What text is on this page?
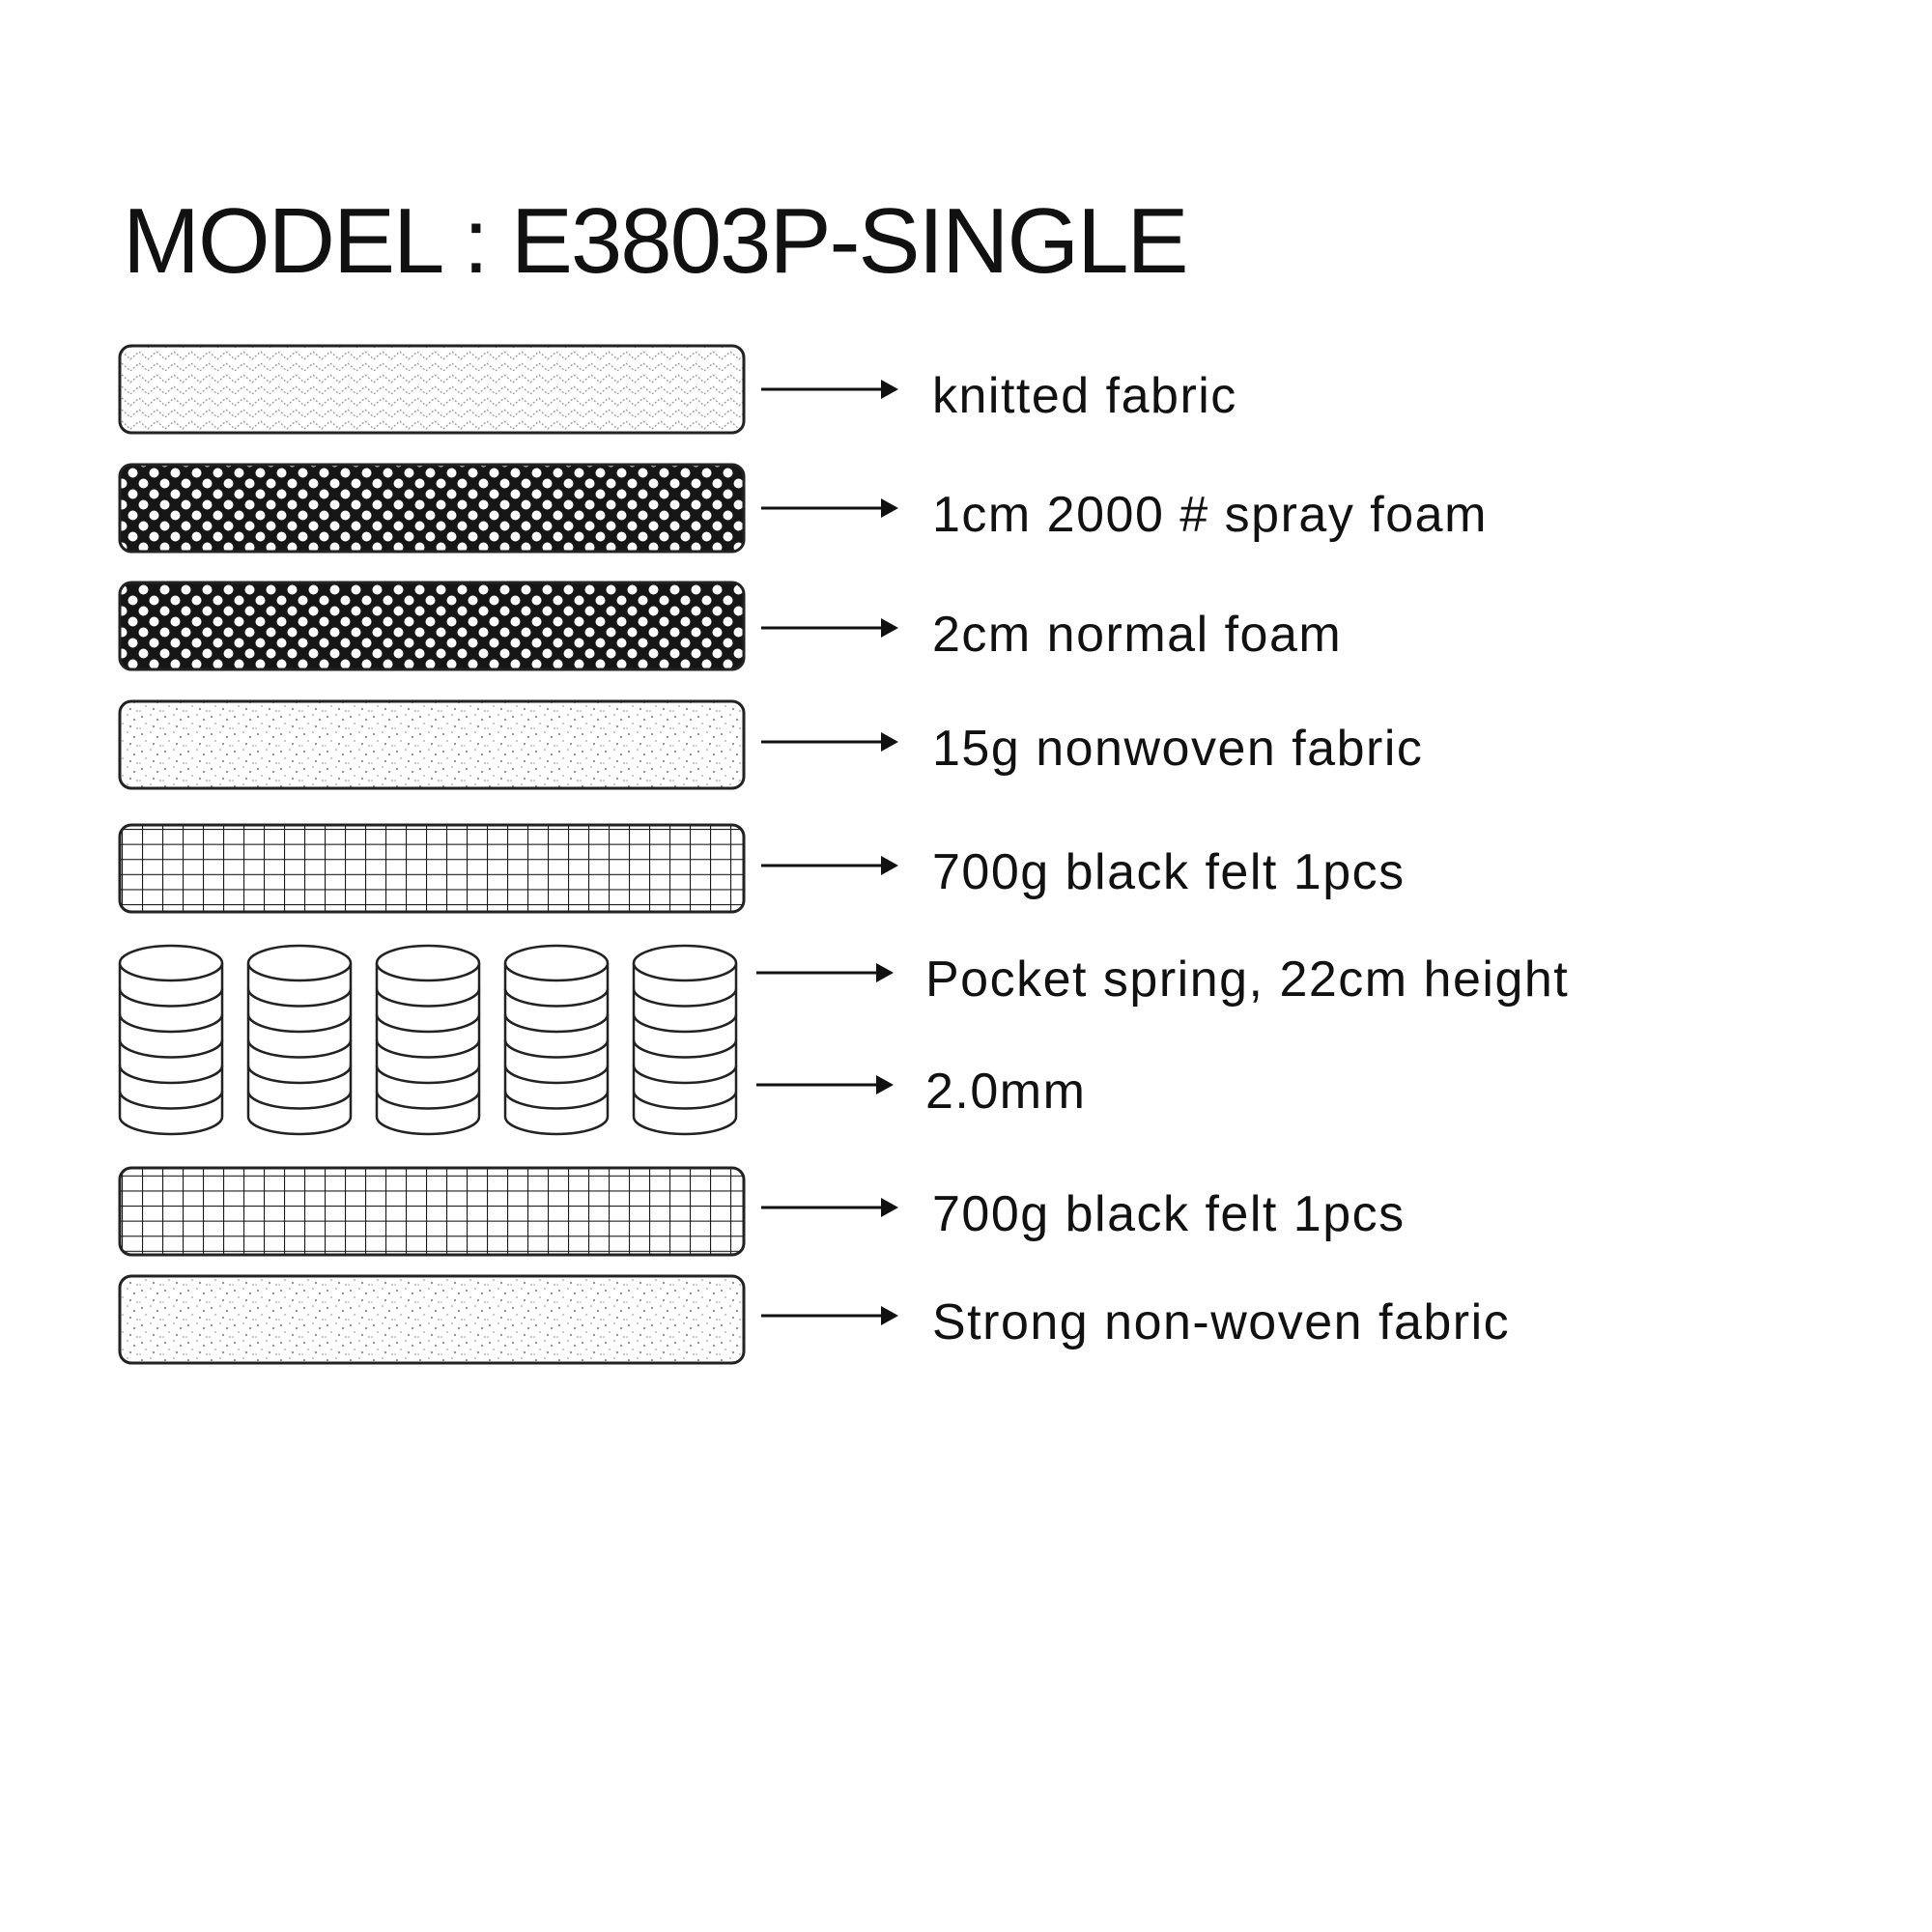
MODEL : E3803P-SINGLE
knitted fabric
1cm 2000 # spray foam
2cm normal foam
15g nonwoven fabric
700g black felt 1pcs
Pocket spring, 22cm height
2.0mm
700g black felt 1pcs
Strong non-woven fabric
